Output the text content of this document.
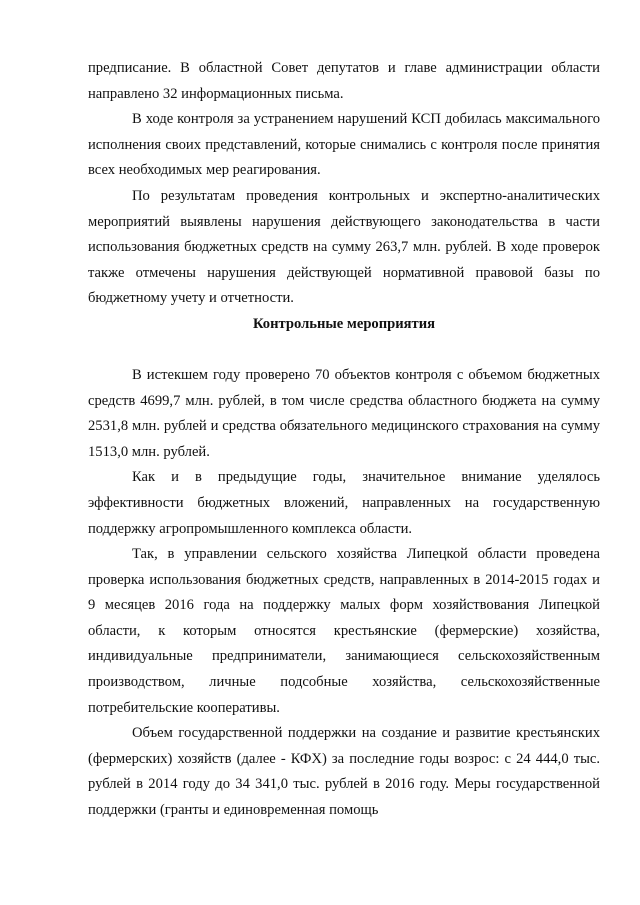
предписание. В областной Совет депутатов и главе администрации области направлено 32 информационных письма.

В ходе контроля за устранением нарушений КСП добилась максимального исполнения своих представлений, которые снимались с контроля после принятия всех необходимых мер реагирования.

По результатам проведения контрольных и экспертно-аналитических мероприятий выявлены нарушения действующего законодательства в части использования бюджетных средств на сумму 263,7 млн. рублей. В ходе проверок также отмечены нарушения действующей нормативной правовой базы по бюджетному учету и отчетности.

Контрольные мероприятия

В истекшем году проверено 70 объектов контроля с объемом бюджетных средств 4699,7 млн. рублей, в том числе средства областного бюджета на сумму 2531,8 млн. рублей и средства обязательного медицинского страхования на сумму 1513,0 млн. рублей.

Как и в предыдущие годы, значительное внимание уделялось эффективности бюджетных вложений, направленных на государственную поддержку агропромышленного комплекса области.

Так, в управлении сельского хозяйства Липецкой области проведена проверка использования бюджетных средств, направленных в 2014-2015 годах и 9 месяцев 2016 года на поддержку малых форм хозяйствования Липецкой области, к которым относятся крестьянские (фермерские) хозяйства, индивидуальные предприниматели, занимающиеся сельскохозяйственным производством, личные подсобные хозяйства, сельскохозяйственные потребительские кооперативы.

Объем государственной поддержки на создание и развитие крестьянских (фермерских) хозяйств (далее - КФХ) за последние годы возрос: с 24 444,0 тыс. рублей в 2014 году до 34 341,0 тыс. рублей в 2016 году. Меры государственной поддержки (гранты и единовременная помощь
